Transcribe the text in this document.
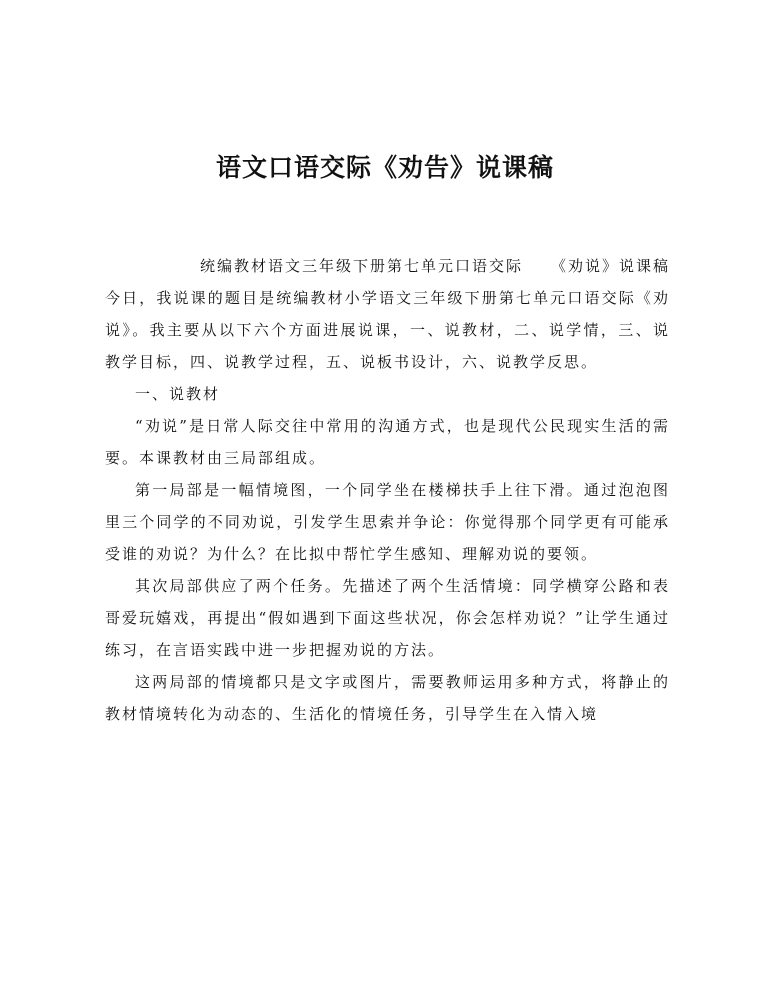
语文口语交际《劝告》说课稿

统编教材语文三年级下册第七单元口语交际 《劝说》说课稿

今日，我说课的题目是统编教材小学语文三年级下册第七单元口语交际《劝说》。我主要从以下六个方面进展说课，一、说教材，二、说学情，三、说教学目标，四、说教学过程，五、说板书设计，六、说教学反思。

一、说教材

“劝说”是日常人际交往中常用的沟通方式，也是现代公民现实生活的需要。本课教材由三局部组成。

第一局部是一幅情境图，一个同学坐在楼梯扶手上往下滑。通过泡泡图里三个同学的不同劝说，引发学生思索并争论：你觉得那个同学更有可能承受谁的劝说？为什么？在比拟中帮忙学生感知、理解劝说的要领。

其次局部供应了两个任务。先描述了两个生活情境：同学横穿公路和表哥爱玩嬉戏，再提出“假如遇到下面这些状况，你会怎样劝说？”让学生通过练习，在言语实践中进一步把握劝说的方法。

这两局部的情境都只是文字或图片，需要教师运用多种方式，将静止的教材情境转化为动态的、生活化的情境任务，引导学生在入情入境
